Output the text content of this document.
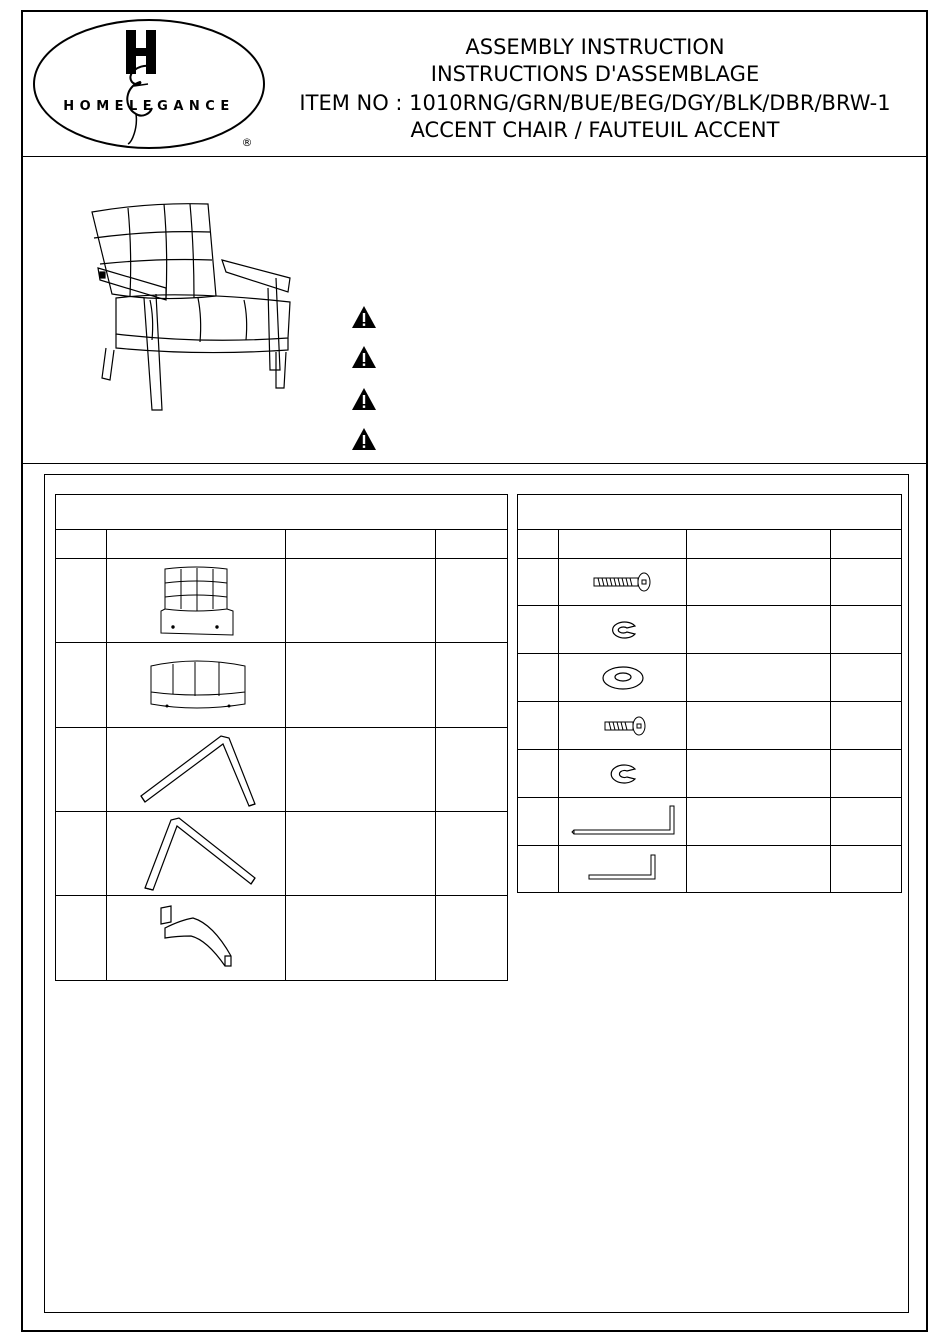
HOMELEGANCE
®
ASSEMBLY INSTRUCTION
INSTRUCTIONS D'ASSEMBLAGE
ITEM NO : 1010RNG/GRN/BUE/BEG/DGY/BLK/DBR/BRW-1
ACCENT CHAIR / FAUTEUIL ACCENT
